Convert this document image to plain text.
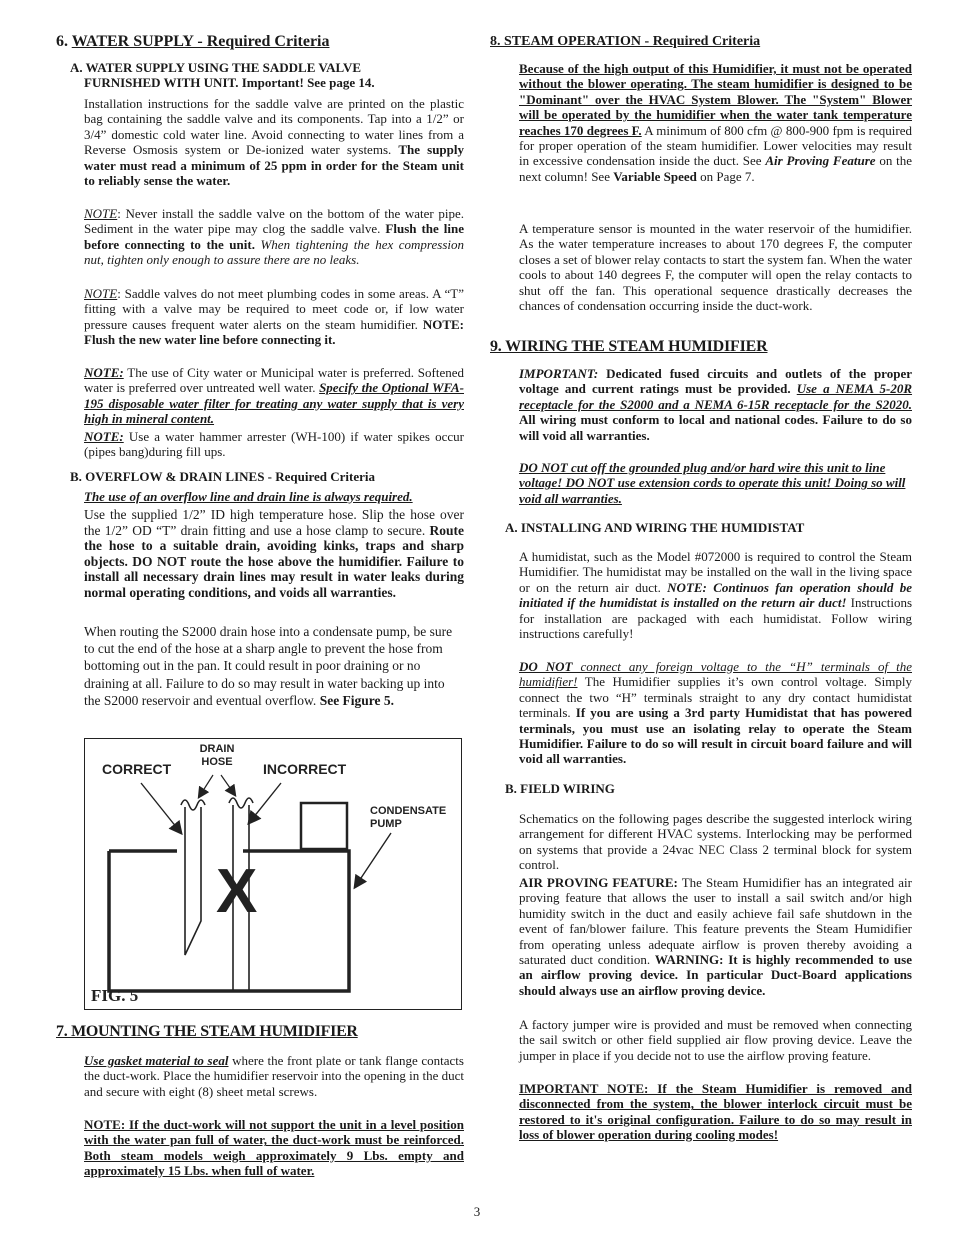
6. WATER SUPPLY - Required Criteria
A. WATER SUPPLY USING THE SADDLE VALVE
FURNISHED WITH UNIT. Important! See page 14.

Installation instructions for the saddle valve are printed on the plastic bag containing the saddle valve and its components. Tap into a 1/2” or 3/4” domestic cold water line. Avoid connecting to water lines from a Reverse Osmosis system or De-ionized water systems. The supply water must read a minimum of 25 ppm in order for the Steam unit to reliably sense the water.

NOTE: Never install the saddle valve on the bottom of the water pipe. Sediment in the water pipe may clog the saddle valve. Flush the line before connecting to the unit. When tightening the hex compression nut, tighten only enough to assure there are no leaks.

NOTE: Saddle valves do not meet plumbing codes in some areas. A “T” fitting with a valve may be required to meet code or, if low water pressure causes frequent water alerts on the steam humidifier. NOTE: Flush the new water line before connecting it.

NOTE: The use of City water or Municipal water is preferred. Softened water is preferred over untreated well water. Specify the Optional WFA-195 disposable water filter for treating any water supply that is very high in mineral content.

NOTE: Use a water hammer arrester (WH-100) if water spikes occur (pipes bang)during fill ups.

B. OVERFLOW & DRAIN LINES - Required Criteria

The use of an overflow line and drain line is always required.

Use the supplied 1/2” ID high temperature hose. Slip the hose over the 1/2” OD “T” drain fitting and use a hose clamp to secure. Route the hose to a suitable drain, avoiding kinks, traps and sharp objects. DO NOT route the hose above the humidifier. Failure to install all necessary drain lines may result in water leaks during normal operating conditions, and voids all warranties.

When routing the S2000 drain hose into a condensate pump, be sure to cut the end of the hose at a sharp angle to prevent the hose from bottoming out in the pan. It could result in poor draining or no draining at all. Failure to do so may result in water backing up into the S2000 reservoir and eventual overflow. See Figure 5.

7. MOUNTING THE STEAM HUMIDIFIER

Use gasket material to seal where the front plate or tank flange contacts the duct-work. Place the humidifier reservoir into the opening in the duct and secure with eight (8) sheet metal screws.

NOTE: If the duct-work will not support the unit in a level position with the water pan full of water, the duct-work must be reinforced. Both steam models weigh approximately 9 Lbs. empty and approximately 15 Lbs. when full of water.

DRAIN
HOSE
CORRECT	INCORRECT
CONDENSATE
PUMP
X
FIG. 5
8. STEAM OPERATION - Required Criteria

Because of the high output of this Humidifier, it must not be operated without the blower operating. The steam humidifier is designed to be "Dominant" over the HVAC System Blower. The "System" Blower will be operated by the humidifier when the water tank temperature reaches 170 degrees F. A minimum of 800 cfm @ 800-900 fpm is required for proper operation of the steam humidifier. Lower velocities may result in excessive condensation inside the duct. See Air Proving Feature on the next column! See Variable Speed on Page 7.

A temperature sensor is mounted in the water reservoir of the humidifier. As the water temperature increases to about 170 degrees F, the computer closes a set of blower relay contacts to start the system fan. When the water cools to about 140 degrees F, the computer will open the relay contacts to shut off the fan. This operational sequence drastically decreases the chances of condensation occurring inside the duct-work.

9. WIRING THE STEAM HUMIDIFIER

IMPORTANT: Dedicated fused circuits and outlets of the proper voltage and current ratings must be provided. Use a NEMA 5-20R receptacle for the S2000 and a NEMA 6-15R receptacle for the S2020. All wiring must conform to local and national codes. Failure to do so will void all warranties.

DO NOT cut off the grounded plug and/or hard wire this unit to line voltage! DO NOT use extension cords to operate this unit! Doing so will void all warranties.

A. INSTALLING AND WIRING THE HUMIDISTAT

A humidistat, such as the Model #072000 is required to control the Steam Humidifier. The humidistat may be installed on the wall in the living space or on the return air duct. NOTE: Continuos fan operation should be initiated if the humidistat is installed on the return air duct! Instructions for installation are packaged with each humidistat. Follow wiring instructions carefully!

DO NOT connect any foreign voltage to the “H” terminals of the humidifier! The Humidifier supplies it’s own control voltage. Simply connect the two “H” terminals straight to any dry contact humidistat terminals. If you are using a 3rd party Humidistat that has powered terminals, you must use an isolating relay to operate the Steam Humidifier. Failure to do so will result in circuit board failure and will void all warranties.

B. FIELD WIRING

Schematics on the following pages describe the suggested interlock wiring arrangement for different HVAC systems. Interlocking may be performed on systems that provide a 24vac NEC Class 2 terminal block for system control.

AIR PROVING FEATURE: The Steam Humidifier has an integrated air proving feature that allows the user to install a sail switch and/or high humidity switch in the duct and easily achieve fail safe shutdown in the event of fan/blower failure. This feature prevents the Steam Humidifier from operating unless adequate airflow is proven thereby avoiding a saturated duct condition. WARNING: It is highly recommended to use an airflow proving device. In particular Duct-Board applications should always use an airflow proving device.

A factory jumper wire is provided and must be removed when connecting the sail switch or other field supplied air flow proving device. Leave the jumper in place if you decide not to use the airflow proving feature.

IMPORTANT NOTE: If the Steam Humidifier is removed and disconnected from the system, the blower interlock circuit must be restored to it's original configuration. Failure to do so may result in loss of blower operation during cooling modes!

3
